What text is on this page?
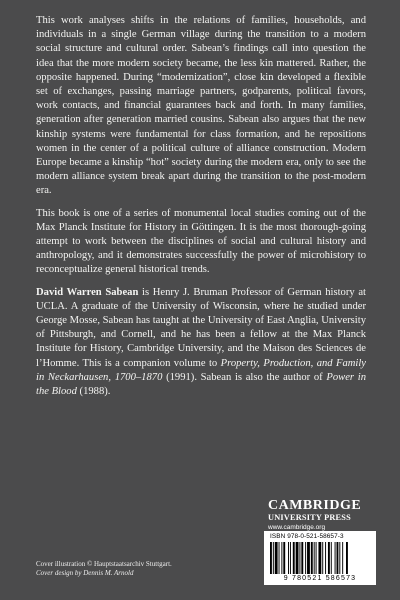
This work analyses shifts in the relations of families, households, and individuals in a single German village during the transition to a modern social structure and cultural order. Sabean’s findings call into question the idea that the more modern society became, the less kin mattered. Rather, the opposite happened. During “modernization”, close kin developed a flexible set of exchanges, passing marriage partners, godparents, political favors, work contacts, and financial guarantees back and forth. In many families, generation after generation married cousins. Sabean also argues that the new kinship systems were fundamental for class formation, and he repositions women in the center of a political culture of alliance construction. Modern Europe became a kinship “hot” society during the modern era, only to see the modern alliance system break apart during the transition to the post-modern era.

This book is one of a series of monumental local studies coming out of the Max Planck Institute for History in Göttingen. It is the most thorough-going attempt to work between the disciplines of social and cultural history and anthropology, and it demonstrates successfully the power of microhistory to reconceptualize general historical trends.

David Warren Sabean is Henry J. Bruman Professor of German history at UCLA. A graduate of the University of Wisconsin, where he studied under George Mosse, Sabean has taught at the University of East Anglia, University of Pittsburgh, and Cornell, and he has been a fellow at the Max Planck Institute for History, Cambridge University, and the Maison des Sciences de l’Homme. This is a companion volume to Property, Production, and Family in Neckarhausen, 1700–1870 (1991). Sabean is also the author of Power in the Blood (1988).

CAMBRIDGE
UNIVERSITY PRESS
www.cambridge.org
ISBN 978-0-521-58657-3
9 780521 586573
Cover illustration © Hauptstaatsarchiv Stuttgart.
Cover design by Dennis M. Arnold
